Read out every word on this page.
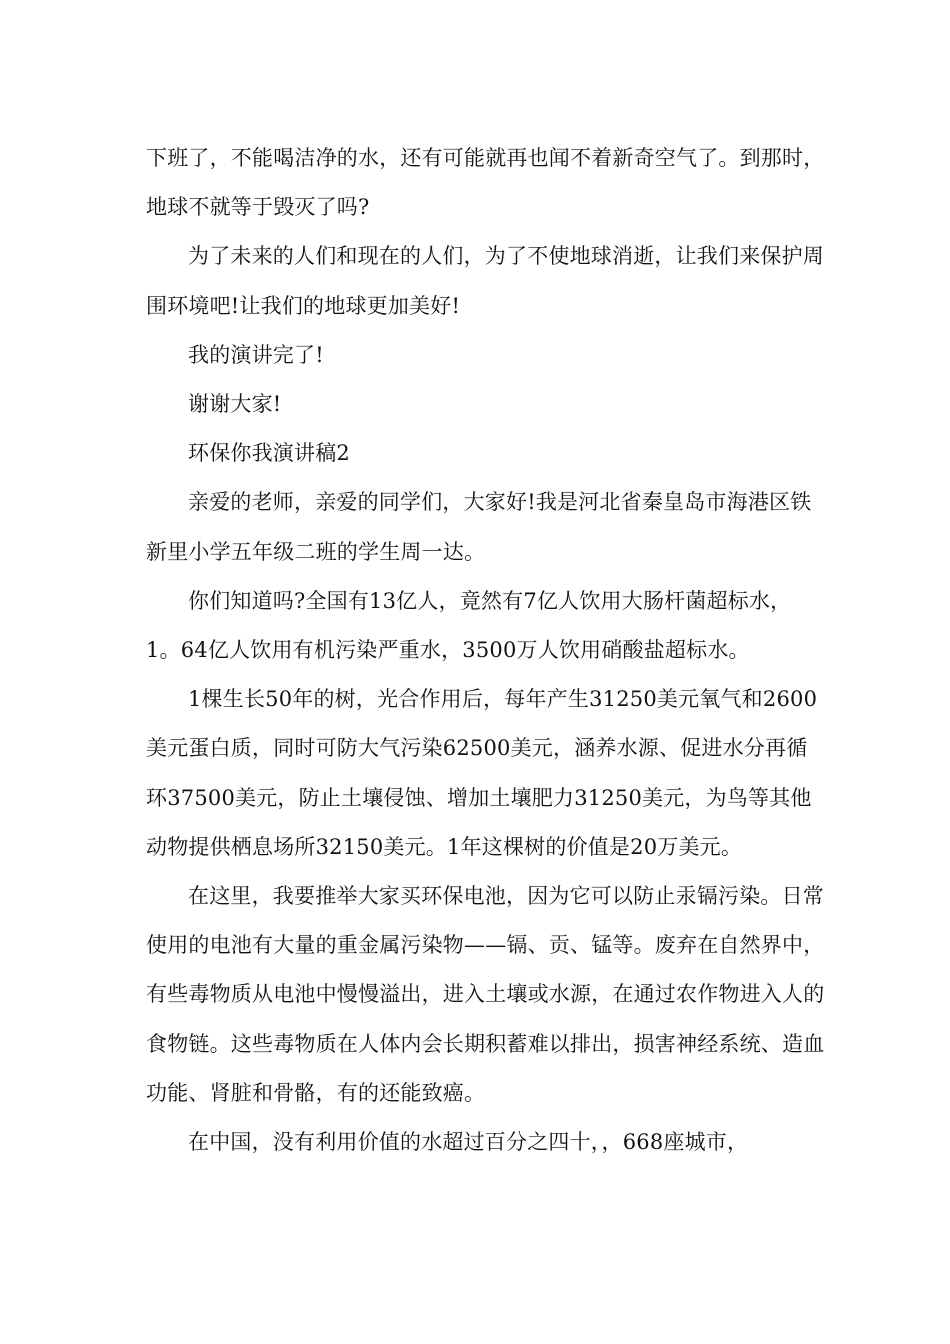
下班了，不能喝洁净的水，还有可能就再也闻不着新奇空气了。到那时，地球不就等于毁灭了吗?

为了未来的人们和现在的人们，为了不使地球消逝，让我们来保护周围环境吧!让我们的地球更加美好!

我的演讲完了!

谢谢大家!

环保你我演讲稿2

亲爱的老师，亲爱的同学们，大家好!我是河北省秦皇岛市海港区铁新里小学五年级二班的学生周一达。

你们知道吗?全国有13亿人，竟然有7亿人饮用大肠杆菌超标水，1。64亿人饮用有机污染严重水，3500万人饮用硝酸盐超标水。

1棵生长50年的树，光合作用后，每年产生31250美元氧气和2600美元蛋白质，同时可防大气污染62500美元，涵养水源、促进水分再循环37500美元，防止土壤侵蚀、增加土壤肥力31250美元，为鸟等其他动物提供栖息场所32150美元。1年这棵树的价值是20万美元。

在这里，我要推举大家买环保电池，因为它可以防止汞镉污染。日常使用的电池有大量的重金属污染物——镉、贡、锰等。废弃在自然界中，有些毒物质从电池中慢慢溢出，进入土壤或水源，在通过农作物进入人的食物链。这些毒物质在人体内会长期积蓄难以排出，损害神经系统、造血功能、肾脏和骨骼，有的还能致癌。

在中国，没有利用价值的水超过百分之四十，，668座城市，
